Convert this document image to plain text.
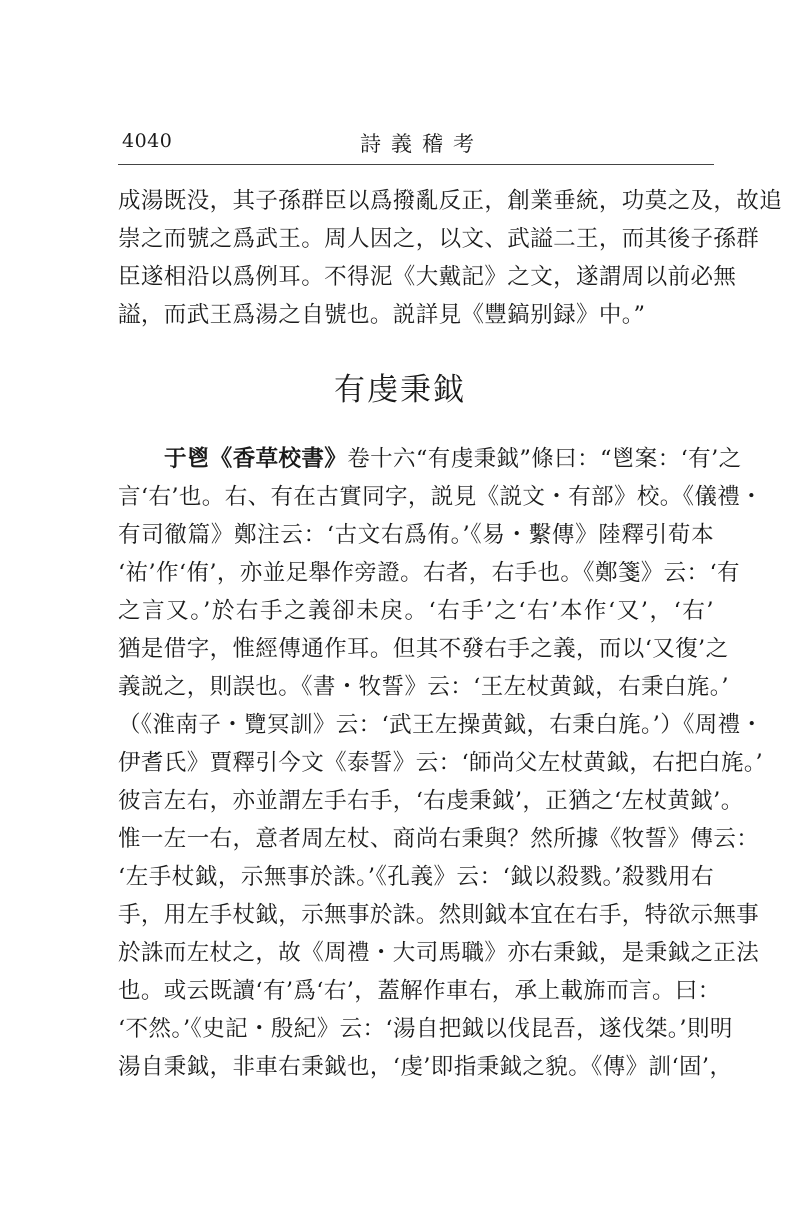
4040	詩義稽考
成湯既没，其子孫群臣以爲撥亂反正，創業垂統，功莫之及，故追
崇之而號之爲武王。周人因之，以文、武謚二王，而其後子孫群
臣遂相沿以爲例耳。不得泥《大戴記》之文，遂謂周以前必無
謚，而武王爲湯之自號也。説詳見《豐鎬别録》中。”
有虔秉鉞
于鬯《香草校書》卷十六“有虔秉鉞”條曰：“鬯案：‘有’之
言‘右’也。右、有在古實同字，説見《説文・有部》校。《儀禮・
有司徹篇》鄭注云：‘古文右爲侑。’《易・繫傳》陸釋引荀本
‘祐’作‘侑’，亦並足舉作旁證。右者，右手也。《鄭箋》云：‘有
之言又。’於右手之義卻未戾。‘右手’之‘右’本作‘又’，‘右’
猶是借字，惟經傳通作耳。但其不發右手之義，而以‘又復’之
義説之，則誤也。《書・牧誓》云：‘王左杖黄鉞，右秉白旄。’
（《淮南子・覽冥訓》云：‘武王左操黄鉞，右秉白旄。’）《周禮・
伊耆氏》賈釋引今文《泰誓》云：‘師尚父左杖黄鉞，右把白旄。’
彼言左右，亦並謂左手右手，‘右虔秉鉞’，正猶之‘左杖黄鉞’。
惟一左一右，意者周左杖、商尚右秉與？然所據《牧誓》傳云：
‘左手杖鉞，示無事於誅。’《孔義》云：‘鉞以殺戮。’殺戮用右
手，用左手杖鉞，示無事於誅。然則鉞本宜在右手，特欲示無事
於誅而左杖之，故《周禮・大司馬職》亦右秉鉞，是秉鉞之正法
也。或云既讀‘有’爲‘右’，蓋解作車右，承上載旆而言。曰：
‘不然。’《史記・殷紀》云：‘湯自把鉞以伐昆吾，遂伐桀。’則明
湯自秉鉞，非車右秉鉞也，‘虔’即指秉鉞之貌。《傳》訓‘固’，
